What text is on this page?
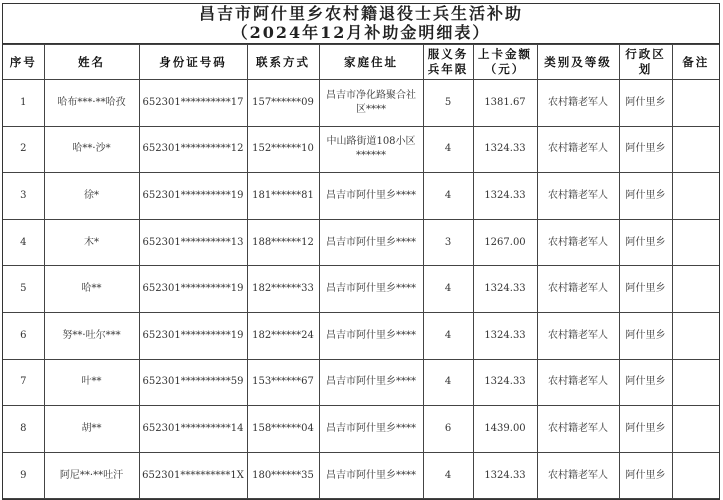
昌吉市阿什里乡农村籍退役士兵生活补助
（2024年12月补助金明细表）
序号	姓名	身份证号码	联系方式	家庭住址	服义务兵年限	上卡金额（元）	类别及等级	行政区划	备注
1	哈布***·**哈孜	652301**********17	157******09	昌吉市净化路聚合社区****	5	1381.67	农村籍老军人	阿什里乡	
2	哈**·沙*	652301**********12	152******10	中山路街道108小区******	4	1324.33	农村籍老军人	阿什里乡	
3	徐*	652301**********19	181******81	昌吉市阿什里乡****	4	1324.33	农村籍老军人	阿什里乡	
4	木*	652301**********13	188******12	昌吉市阿什里乡****	3	1267.00	农村籍老军人	阿什里乡	
5	哈**	652301**********19	182******33	昌吉市阿什里乡****	4	1324.33	农村籍老军人	阿什里乡	
6	努**·吐尔***	652301**********19	182******24	昌吉市阿什里乡****	4	1324.33	农村籍老军人	阿什里乡	
7	叶**	652301**********59	153******67	昌吉市阿什里乡****	4	1324.33	农村籍老军人	阿什里乡	
8	胡**	652301**********14	158******04	昌吉市阿什里乡****	6	1439.00	农村籍老军人	阿什里乡	
9	阿尼**·**吐汗	652301**********1X	180******35	昌吉市阿什里乡****	4	1324.33	农村籍老军人	阿什里乡	
